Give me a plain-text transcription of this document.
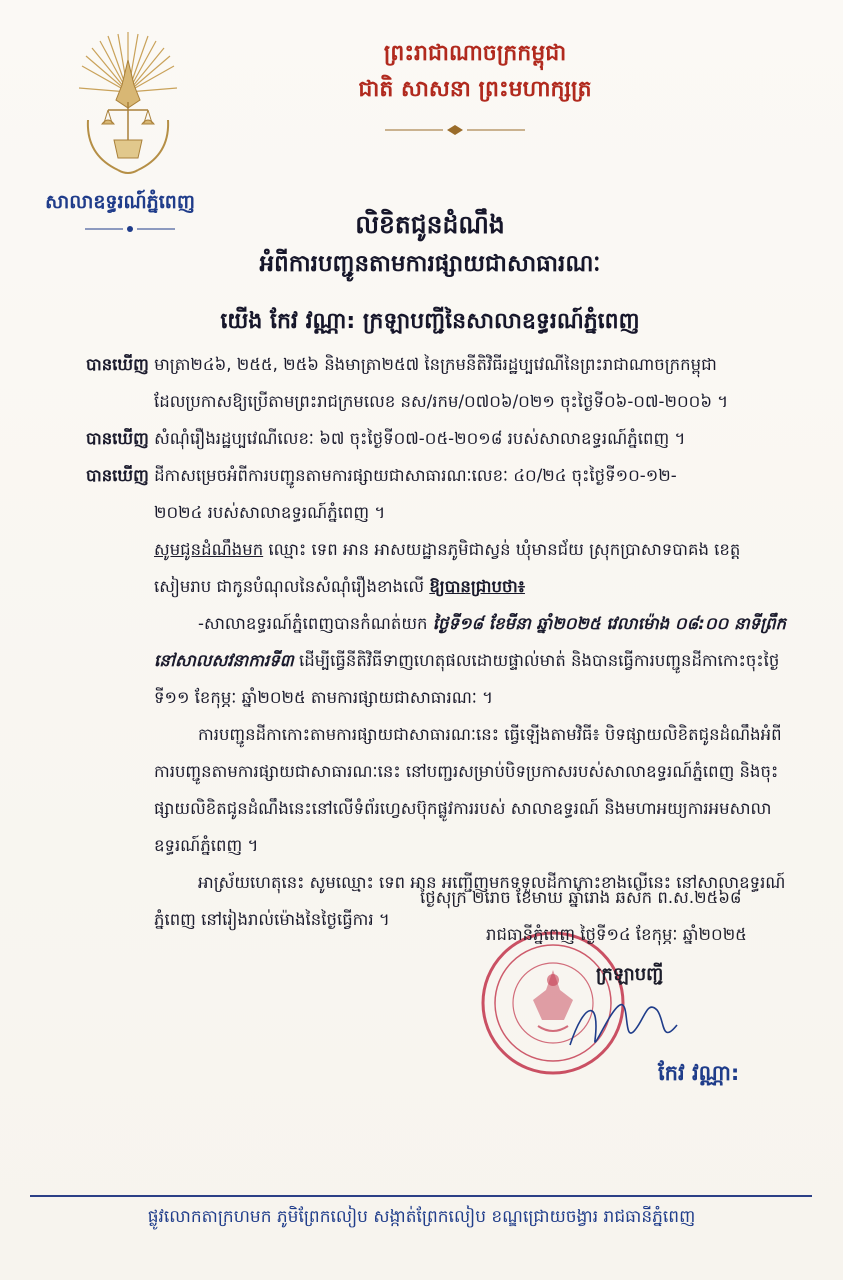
សាលាឧទ្ធរណ៍ភ្នំពេញ
ព្រះរាជាណាចក្រកម្ពុជា
ជាតិ សាសនា ព្រះមហាក្សត្រ
លិខិតជូនដំណឹង
អំពីការបញ្ជូនតាមការផ្សាយជាសាធារណៈ
យើង កែវ វណ្ណា: ក្រឡាបញ្ជីនៃសាលាឧទ្ធរណ៍ភ្នំពេញ
បានឃើញ មាត្រា២៤៦, ២៥៥, ២៥៦ និងមាត្រា២៥៧ នៃក្រមនីតិវិធីរដ្ឋប្បវេណីនៃព្រះរាជាណាចក្រកម្ពុជា
ដែលប្រកាសឱ្យប្រើតាមព្រះរាជក្រមលេខ នស/រកម/០៧០៦/០២១ ចុះថ្ងៃទី០៦-០៧-២០០៦ ។
បានឃើញ សំណុំរឿងរដ្ឋប្បវេណីលេខៈ ៦៧ ចុះថ្ងៃទី០៧-០៥-២០១៨ របស់សាលាឧទ្ធរណ៍ភ្នំពេញ ។
បានឃើញ ដីកាសម្រេចអំពីការបញ្ជូនតាមការផ្សាយជាសាធារណៈលេខៈ ៤០/២៤ ចុះថ្ងៃទី១០-១២-
២០២៤ របស់សាលាឧទ្ធរណ៍ភ្នំពេញ ។
សូមជូនដំណឹងមក ឈ្មោះ ទេព អាន អាសយដ្ឋានភូមិជាស្វន់ ឃុំមានជ័យ ស្រុកប្រាសាទបាគង ខេត្ត
សៀមរាប ជាកូនបំណុលនៃសំណុំរឿងខាងលើ ឱ្យបានជ្រាបថា៖
-សាលាឧទ្ធរណ៍ភ្នំពេញបានកំណត់យក ថ្ងៃទី១៨ ខែមីនា ឆ្នាំ២០២៥ វេលាម៉ោង ០៨:០០ នាទីព្រឹក
នៅសាលសវនាការទី៣ ដើម្បីធ្វើនីតិវិធីទាញហេតុផលដោយផ្ទាល់មាត់ និងបានធ្វើការបញ្ជូនដីកាកោះចុះថ្ងៃ
ទី១១ ខែកុម្ភៈ ឆ្នាំ២០២៥ តាមការផ្សាយជាសាធារណៈ ។
ការបញ្ជូនដីកាកោះតាមការផ្សាយជាសាធារណៈនេះ ធ្វើឡើងតាមវិធី៖ បិទផ្សាយលិខិតជូនដំណឹងអំពី
ការបញ្ជូនតាមការផ្សាយជាសាធារណៈនេះ នៅបញ្ជរសម្រាប់បិទប្រកាសរបស់សាលាឧទ្ធរណ៍ភ្នំពេញ និងចុះ
ផ្សាយលិខិតជូនដំណឹងនេះនៅលើទំព័រហ្វេសប៊ុកផ្លូវការរបស់ សាលាឧទ្ធរណ៍ និងមហាអយ្យការអមសាលា
ឧទ្ធរណ៍ភ្នំពេញ ។
អាស្រ័យហេតុនេះ សូមឈ្មោះ ទេព អាន អញ្ជើញមកទទួលដីកាកោះខាងលើនេះ នៅសាលាឧទ្ធរណ៍
ភ្នំពេញ នៅរៀងរាល់ម៉ោងនៃថ្ងៃធ្វើការ ។
ថ្ងៃសុក្រ ២រោច ខែមាឃ ឆ្នាំរោង ឆស័ក ព.ស.២៥៦៨
រាជធានីភ្នំពេញ ថ្ងៃទី១៤ ខែកុម្ភៈ ឆ្នាំ២០២៥
ក្រឡាបញ្ជី
កែវ វណ្ណា:
ផ្លូវលោកតាក្រហមក ភូមិព្រែកលៀប សង្កាត់ព្រែកលៀប ខណ្ឌជ្រោយចង្វារ រាជធានីភ្នំពេញ
